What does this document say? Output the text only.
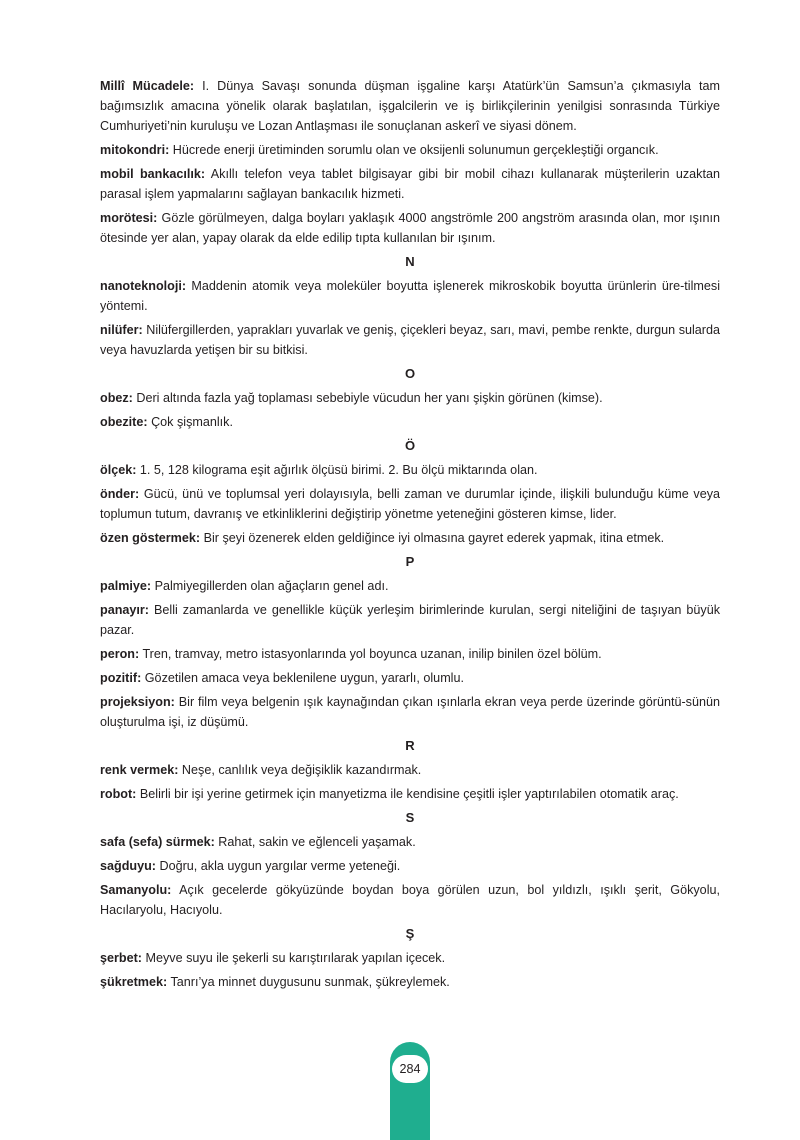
Millî Mücadele: I. Dünya Savaşı sonunda düşman işgaline karşı Atatürk’ün Samsun’a çıkmasıyla tam bağımsızlık amacına yönelik olarak başlatılan, işgalcilerin ve iş birlikçilerinin yenilgisi sonrasında Türkiye Cumhuriyeti’nin kuruluşu ve Lozan Antlaşması ile sonuçlanan askerî ve siyasi dönem.
mitokondri: Hücrede enerji üretiminden sorumlu olan ve oksijenli solunumun gerçekleştiği organcık.
mobil bankacılık: Akıllı telefon veya tablet bilgisayar gibi bir mobil cihazı kullanarak müşterilerin uzaktan parasal işlem yapmalarını sağlayan bankacılık hizmeti.
morötesi: Gözle görülmeyen, dalga boyları yaklaşık 4000 angströmle 200 angström arasında olan, mor ışının ötesinde yer alan, yapay olarak da elde edilip tıpta kullanılan bir ışınım.
N
nanoteknoloji: Maddenin atomik veya moleküler boyutta işlenerek mikroskobik boyutta ürünlerin üre-tilmesi yöntemi.
nilüfer: Nilüfergillerden, yaprakları yuvarlak ve geniş, çiçekleri beyaz, sarı, mavi, pembe renkte, durgun sularda veya havuzlarda yetişen bir su bitkisi.
O
obez: Deri altında fazla yağ toplaması sebebiyle vücudun her yanı şişkin görünen (kimse).
obezite: Çok şişmanlık.
Ö
ölçek: 1. 5, 128 kilograma eşit ağırlık ölçüsü birimi. 2. Bu ölçü miktarında olan.
önder: Gücü, ünü ve toplumsal yeri dolayısıyla, belli zaman ve durumlar içinde, ilişkili bulunduğu küme veya toplumun tutum, davranış ve etkinliklerini değiştirip yönetme yeteneğini gösteren kimse, lider.
özen göstermek: Bir şeyi özenerek elden geldiğince iyi olmasına gayret ederek yapmak, itina etmek.
P
palmiye: Palmiyegillerden olan ağaçların genel adı.
panayır: Belli zamanlarda ve genellikle küçük yerleşim birimlerinde kurulan, sergi niteliğini de taşıyan büyük pazar.
peron: Tren, tramvay, metro istasyonlarında yol boyunca uzanan, inilip binilen özel bölüm.
pozitif: Gözetilen amaca veya beklenilene uygun, yararlı, olumlu.
projeksiyon: Bir film veya belgenin ışık kaynağından çıkan ışınlarla ekran veya perde üzerinde görüntü-sünün oluşturulma işi, iz düşümü.
R
renk vermek: Neşe, canlılık veya değişiklik kazandırmak.
robot: Belirli bir işi yerine getirmek için manyetizma ile kendisine çeşitli işler yaptırılabilen otomatik araç.
S
safa (sefa) sürmek: Rahat, sakin ve eğlenceli yaşamak.
sağduyu: Doğru, akla uygun yargılar verme yeteneği.
Samanyolu: Açık gecelerde gökyüzünde boydan boya görülen uzun, bol yıldızlı, ışıklı şerit, Gökyolu, Hacılaryolu, Hacıyolu.
Ş
şerbet: Meyve suyu ile şekerli su karıştırılarak yapılan içecek.
şükretmek: Tanrı’ya minnet duygusunu sunmak, şükreylemek.
284
